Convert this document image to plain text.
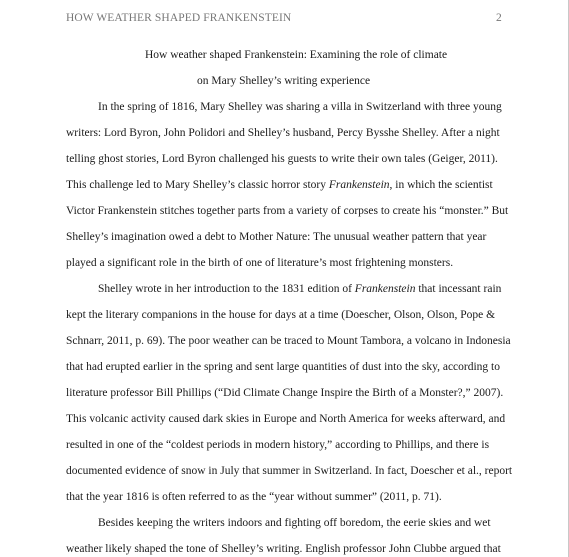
HOW WEATHER SHAPED FRANKENSTEIN	2
How weather shaped Frankenstein: Examining the role of climate
on Mary Shelley’s writing experience
In the spring of 1816, Mary Shelley was sharing a villa in Switzerland with three young
writers: Lord Byron, John Polidori and Shelley’s husband, Percy Bysshe Shelley. After a night
telling ghost stories, Lord Byron challenged his guests to write their own tales (Geiger, 2011).
This challenge led to Mary Shelley’s classic horror story Frankenstein, in which the scientist
Victor Frankenstein stitches together parts from a variety of corpses to create his “monster.” But
Shelley’s imagination owed a debt to Mother Nature: The unusual weather pattern that year
played a significant role in the birth of one of literature’s most frightening monsters.
Shelley wrote in her introduction to the 1831 edition of Frankenstein that incessant rain
kept the literary companions in the house for days at a time (Doescher, Olson, Olson, Pope &
Schnarr, 2011, p. 69). The poor weather can be traced to Mount Tambora, a volcano in Indonesia
that had erupted earlier in the spring and sent large quantities of dust into the sky, according to
literature professor Bill Phillips (“Did Climate Change Inspire the Birth of a Monster?,” 2007).
This volcanic activity caused dark skies in Europe and North America for weeks afterward, and
resulted in one of the “coldest periods in modern history,” according to Phillips, and there is
documented evidence of snow in July that summer in Switzerland. In fact, Doescher et al., report
that the year 1816 is often referred to as the “year without summer” (2011, p. 71).
Besides keeping the writers indoors and fighting off boredom, the eerie skies and wet
weather likely shaped the tone of Shelley’s writing. English professor John Clubbe argued that
